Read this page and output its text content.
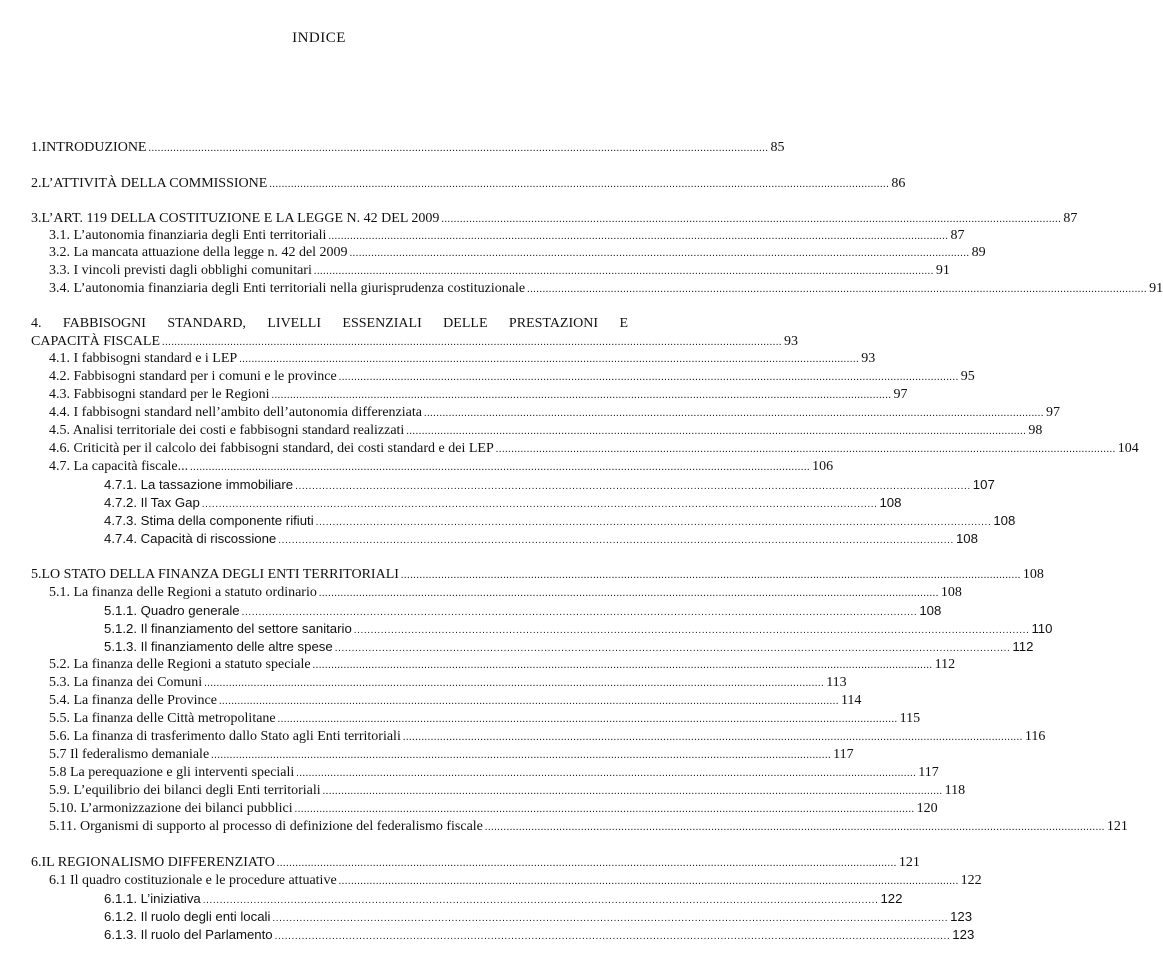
INDICE
1. INTRODUZIONE ........................................................................................................................................................................................................ 85
2. L’ATTIVITÀ DELLA COMMISSIONE ........................................................................................................................................................................................................ 86
3. L’ART. 119 DELLA COSTITUZIONE E LA LEGGE N. 42 DEL 2009 ........................................................................................................................................................................................................ 87
3.1. L’autonomia finanziaria degli Enti territoriali ........................................................................................................................................................................................................ 87
3.2. La mancata attuazione della legge n. 42 del 2009 ........................................................................................................................................................................................................ 89
3.3. I vincoli previsti dagli obblighi comunitari ........................................................................................................................................................................................................ 91
3.4. L’autonomia finanziaria degli Enti territoriali nella giurisprudenza costituzionale ........................................................................................................................................................................................................ 91
4. FABBISOGNI STANDARD, LIVELLI ESSENZIALI DELLE PRESTAZIONI E
CAPACITÀ FISCALE ........................................................................................................................................................................................................ 93
4.1. I fabbisogni standard e i LEP ........................................................................................................................................................................................................ 93
4.2. Fabbisogni standard per i comuni e le province ........................................................................................................................................................................................................ 95
4.3. Fabbisogni standard per le Regioni ........................................................................................................................................................................................................ 97
4.4. I fabbisogni standard nell’ambito dell’autonomia differenziata ........................................................................................................................................................................................................ 97
4.5. Analisi territoriale dei costi e fabbisogni standard realizzati ........................................................................................................................................................................................................ 98
4.6. Criticità per il calcolo dei fabbisogni standard, dei costi standard e dei LEP ........................................................................................................................................................................................................ 104
4.7. La capacità fiscale... ........................................................................................................................................................................................................ 106
4.7.1. La tassazione immobiliare ........................................................................................................................................................................................................ 107
4.7.2. Il Tax Gap ........................................................................................................................................................................................................ 108
4.7.3. Stima della componente rifiuti ........................................................................................................................................................................................................ 108
4.7.4. Capacità di riscossione ........................................................................................................................................................................................................ 108
5. LO STATO DELLA FINANZA DEGLI ENTI TERRITORIALI ........................................................................................................................................................................................................ 108
5.1. La finanza delle Regioni a statuto ordinario ........................................................................................................................................................................................................ 108
5.1.1. Quadro generale ........................................................................................................................................................................................................ 108
5.1.2. Il finanziamento del settore sanitario ........................................................................................................................................................................................................ 110
5.1.3. Il finanziamento delle altre spese ........................................................................................................................................................................................................ 112
5.2. La finanza delle Regioni a statuto speciale ........................................................................................................................................................................................................ 112
5.3. La finanza dei Comuni ........................................................................................................................................................................................................ 113
5.4. La finanza delle Province ........................................................................................................................................................................................................ 114
5.5. La finanza delle Città metropolitane ........................................................................................................................................................................................................ 115
5.6. La finanza di trasferimento dallo Stato agli Enti territoriali ........................................................................................................................................................................................................ 116
5.7 Il federalismo demaniale ........................................................................................................................................................................................................ 117
5.8 La perequazione e gli interventi speciali ........................................................................................................................................................................................................ 117
5.9. L’equilibrio dei bilanci degli Enti territoriali ........................................................................................................................................................................................................ 118
5.10. L’armonizzazione dei bilanci pubblici ........................................................................................................................................................................................................ 120
5.11. Organismi di supporto al processo di definizione del federalismo fiscale ........................................................................................................................................................................................................ 121
6. IL REGIONALISMO DIFFERENZIATO ........................................................................................................................................................................................................ 121
6.1 Il quadro costituzionale e le procedure attuative ........................................................................................................................................................................................................ 122
6.1.1. L’iniziativa ........................................................................................................................................................................................................ 122
6.1.2. Il ruolo degli enti locali ........................................................................................................................................................................................................ 123
6.1.3. Il ruolo del Parlamento ........................................................................................................................................................................................................ 123
